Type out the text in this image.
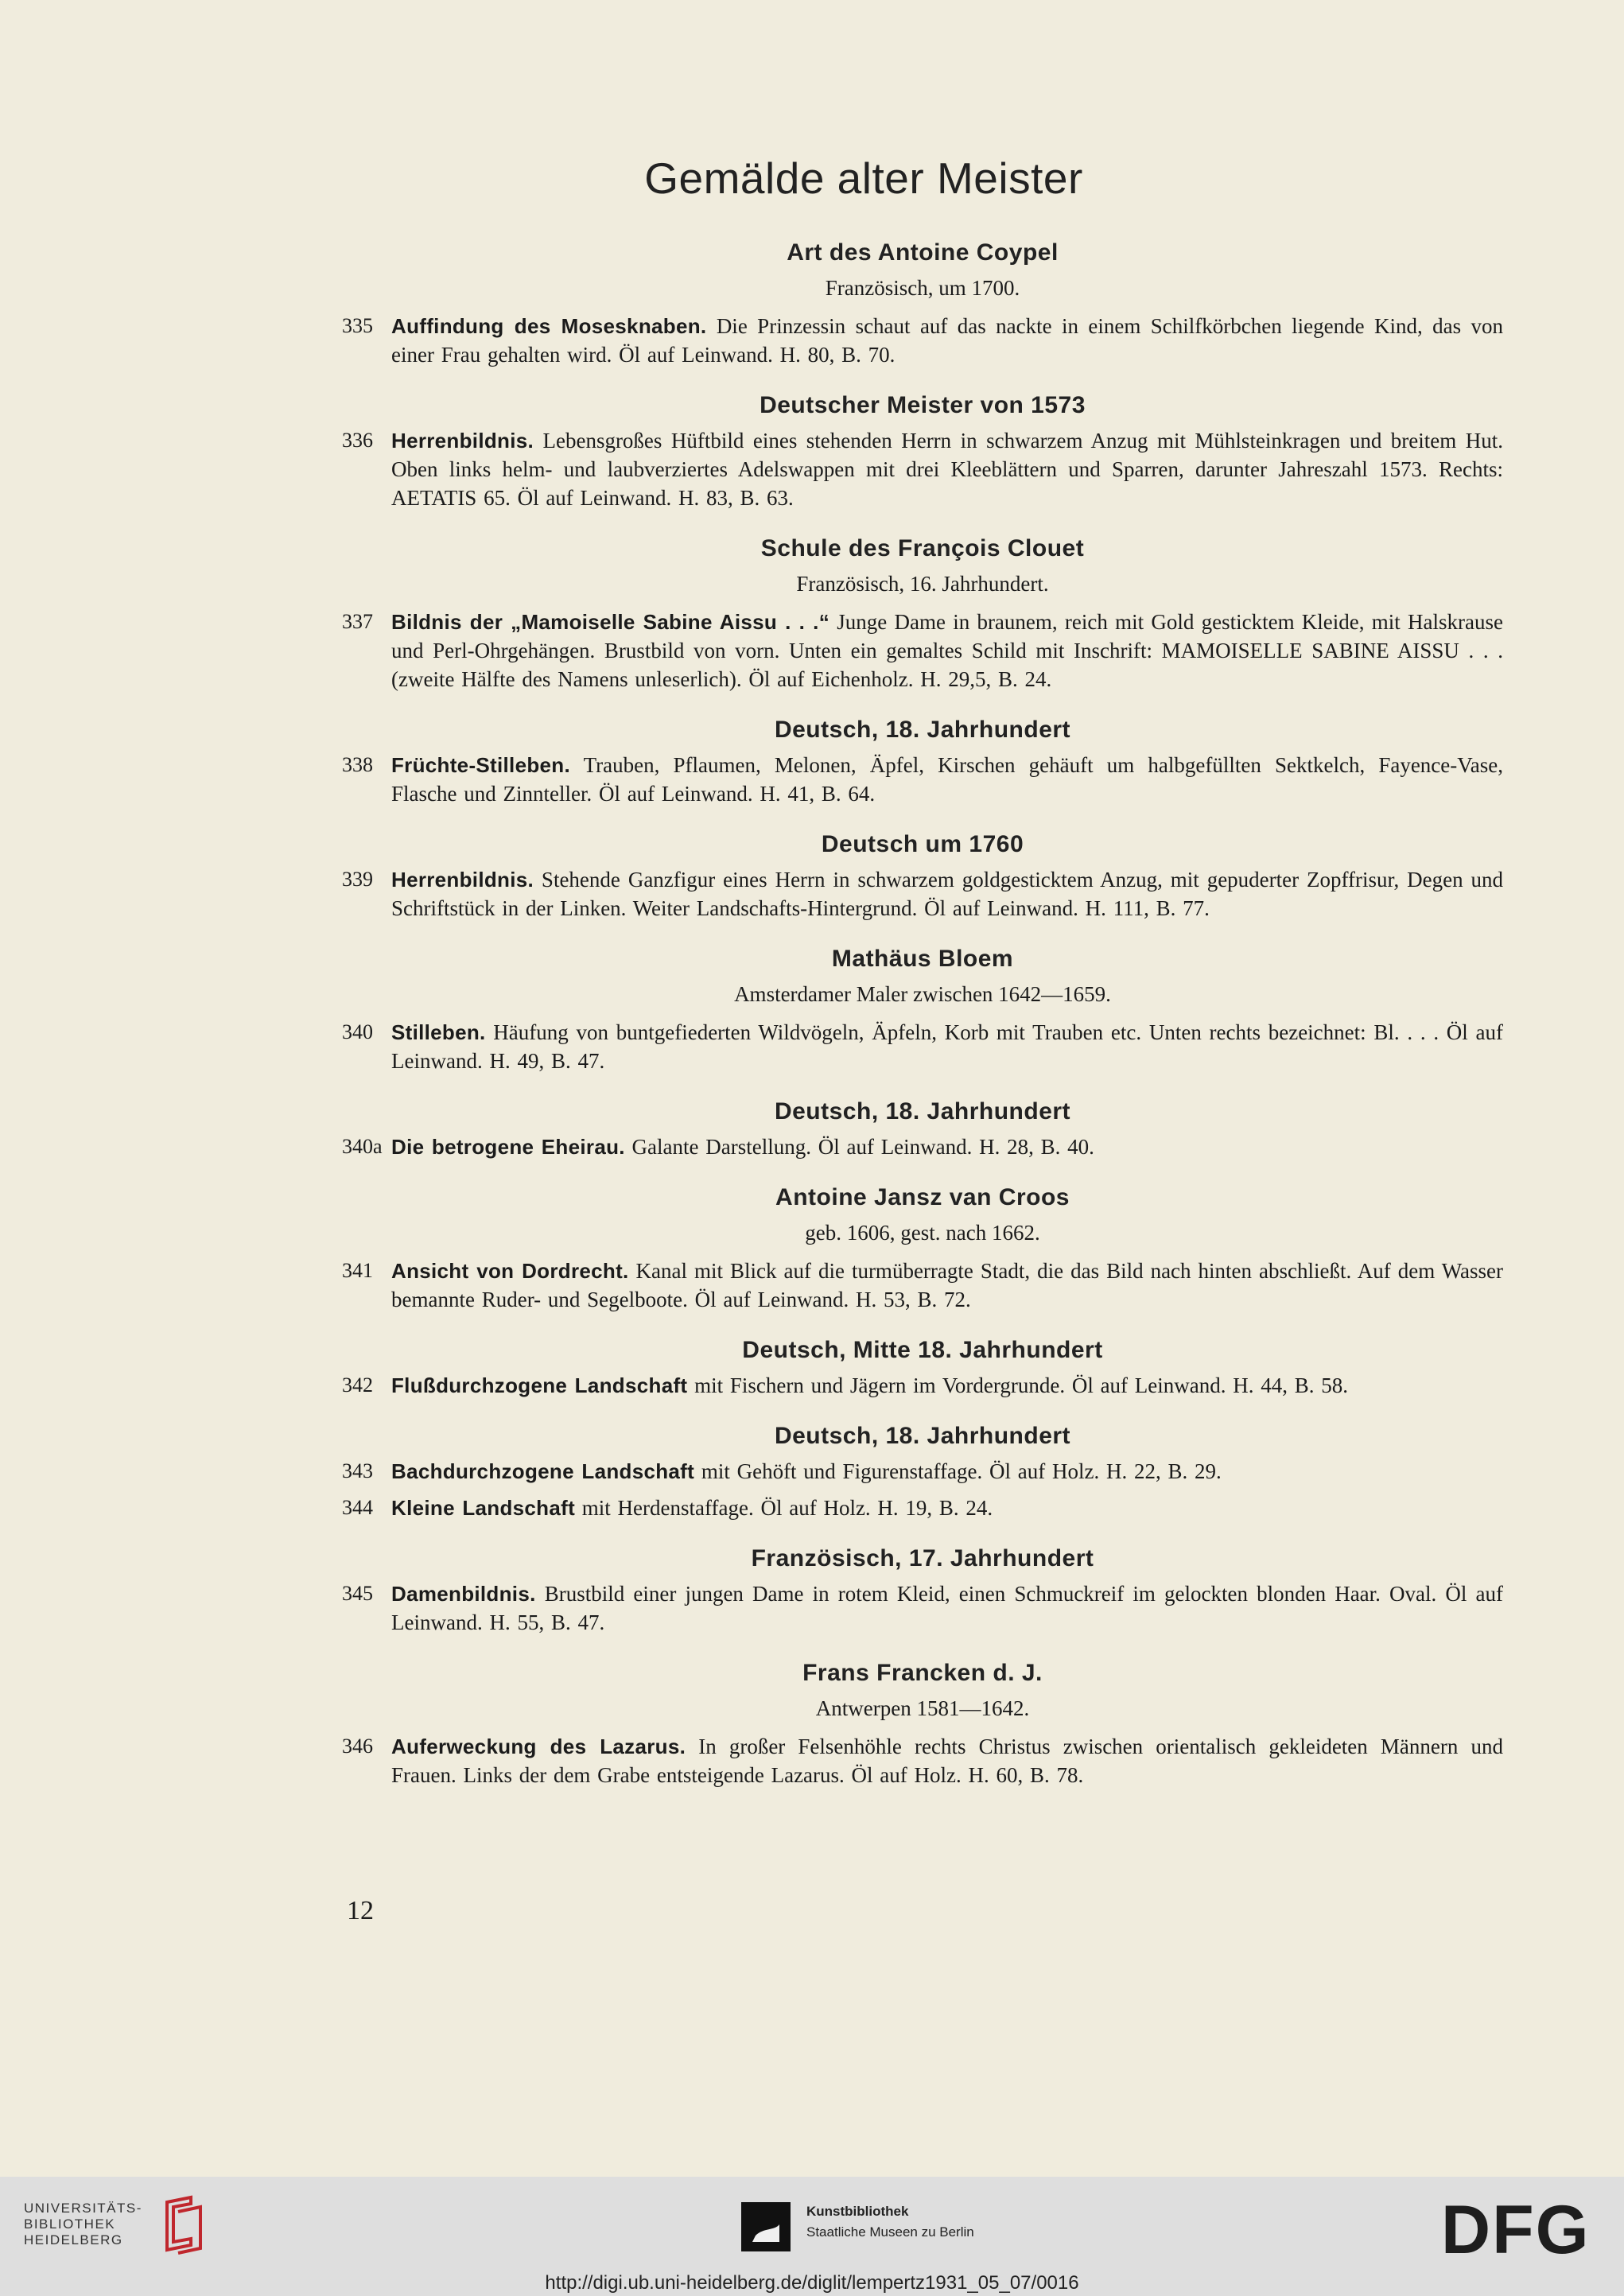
Gemälde alter Meister
Art des Antoine Coypel
Französisch, um 1700.
335 Auffindung des Mosesknaben. Die Prinzessin schaut auf das nackte in einem Schilfkörbchen liegende Kind, das von einer Frau gehalten wird. Öl auf Leinwand. H. 80, B. 70.
Deutscher Meister von 1573
336 Herrenbildnis. Lebensgroßes Hüftbild eines stehenden Herrn in schwarzem Anzug mit Mühlsteinkragen und breitem Hut. Oben links helm- und laubverziertes Adelswappen mit drei Kleeblättern und Sparren, darunter Jahreszahl 1573. Rechts: AETATIS 65. Öl auf Leinwand. H. 83, B. 63.
Schule des François Clouet
Französisch, 16. Jahrhundert.
337 Bildnis der „Mamoiselle Sabine Aissu . . .“ Junge Dame in braunem, reich mit Gold gesticktem Kleide, mit Halskrause und Perl-Ohrgehängen. Brustbild von vorn. Unten ein gemaltes Schild mit Inschrift: MAMOISELLE SABINE AISSU . . . (zweite Hälfte des Namens unleserlich). Öl auf Eichenholz. H. 29,5, B. 24.
Deutsch, 18. Jahrhundert
338 Früchte-Stilleben. Trauben, Pflaumen, Melonen, Äpfel, Kirschen gehäuft um halbgefüllten Sektkelch, Fayence-Vase, Flasche und Zinnteller. Öl auf Leinwand. H. 41, B. 64.
Deutsch um 1760
339 Herrenbildnis. Stehende Ganzfigur eines Herrn in schwarzem goldgesticktem Anzug, mit gepuderter Zopffrisur, Degen und Schriftstück in der Linken. Weiter Landschafts-Hintergrund. Öl auf Leinwand. H. 111, B. 77.
Mathäus Bloem
Amsterdamer Maler zwischen 1642—1659.
340 Stilleben. Häufung von buntgefiederten Wildvögeln, Äpfeln, Korb mit Trauben etc. Unten rechts bezeichnet: Bl. . . . Öl auf Leinwand. H. 49, B. 47.
Deutsch, 18. Jahrhundert
340a Die betrogene Eheirau. Galante Darstellung. Öl auf Leinwand. H. 28, B. 40.
Antoine Jansz van Croos
geb. 1606, gest. nach 1662.
341 Ansicht von Dordrecht. Kanal mit Blick auf die turmüberragte Stadt, die das Bild nach hinten abschließt. Auf dem Wasser bemannte Ruder- und Segelboote. Öl auf Leinwand. H. 53, B. 72.
Deutsch, Mitte 18. Jahrhundert
342 Flußdurchzogene Landschaft mit Fischern und Jägern im Vordergrunde. Öl auf Leinwand. H. 44, B. 58.
Deutsch, 18. Jahrhundert
343 Bachdurchzogene Landschaft mit Gehöft und Figurenstaffage. Öl auf Holz. H. 22, B. 29.
344 Kleine Landschaft mit Herdenstaffage. Öl auf Holz. H. 19, B. 24.
Französisch, 17. Jahrhundert
345 Damenbildnis. Brustbild einer jungen Dame in rotem Kleid, einen Schmuckreif im gelockten blonden Haar. Oval. Öl auf Leinwand. H. 55, B. 47.
Frans Francken d. J.
Antwerpen 1581—1642.
346 Auferweckung des Lazarus. In großer Felsenhöhle rechts Christus zwischen orientalisch gekleideten Männern und Frauen. Links der dem Grabe entsteigende Lazarus. Öl auf Holz. H. 60, B. 78.
12
UNIVERSITÄTS-
BIBLIOTHEK
HEIDELBERG
Kunstbibliothek
Staatliche Museen zu Berlin	DFG
http://digi.ub.uni-heidelberg.de/diglit/lempertz1931_05_07/0016
